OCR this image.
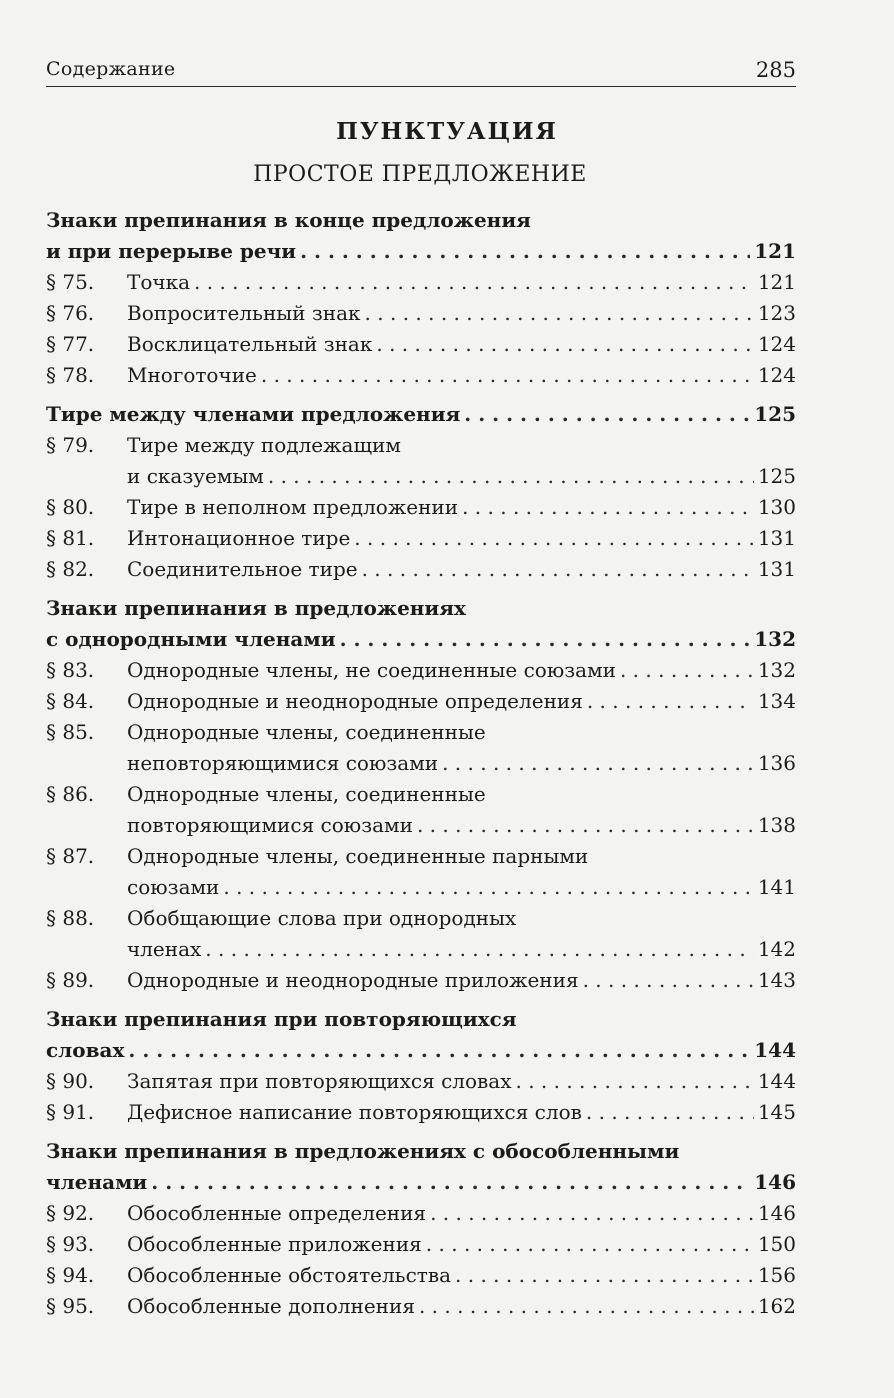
Содержание	285
ПУНКТУАЦИЯ
ПРОСТОЕ ПРЕДЛОЖЕНИЕ
Знаки препинания в конце предложения
и при перерыве речи . . .	121
§ 75.	Точка . . .	121
§ 76.	Вопросительный знак . . .	123
§ 77.	Восклицательный знак . . .	124
§ 78.	Многоточие . . .	124
Тире между членами предложения . . .	125
§ 79.	Тире между подлежащим
и сказуемым . . .	125
§ 80.	Тире в неполном предложении . . .	130
§ 81.	Интонационное тире . . .	131
§ 82.	Соединительное тире . . .	131
Знаки препинания в предложениях
с однородными членами . . .	132
§ 83.	Однородные члены, не соединенные союзами . . .	132
§ 84.	Однородные и неоднородные определения . . .	134
§ 85.	Однородные члены, соединенные
неповторяющимися союзами . . .	136
§ 86.	Однородные члены, соединенные
повторяющимися союзами . . .	138
§ 87.	Однородные члены, соединенные парными
союзами . . .	141
§ 88.	Обобщающие слова при однородных
членах . . .	142
§ 89.	Однородные и неоднородные приложения . . .	143
Знаки препинания при повторяющихся
словах . . .	144
§ 90.	Запятая при повторяющихся словах . . .	144
§ 91.	Дефисное написание повторяющихся слов . . .	145
Знаки препинания в предложениях с обособленными
членами . . .	146
§ 92.	Обособленные определения . . .	146
§ 93.	Обособленные приложения . . .	150
§ 94.	Обособленные обстоятельства . . .	156
§ 95.	Обособленные дополнения . . .	162
